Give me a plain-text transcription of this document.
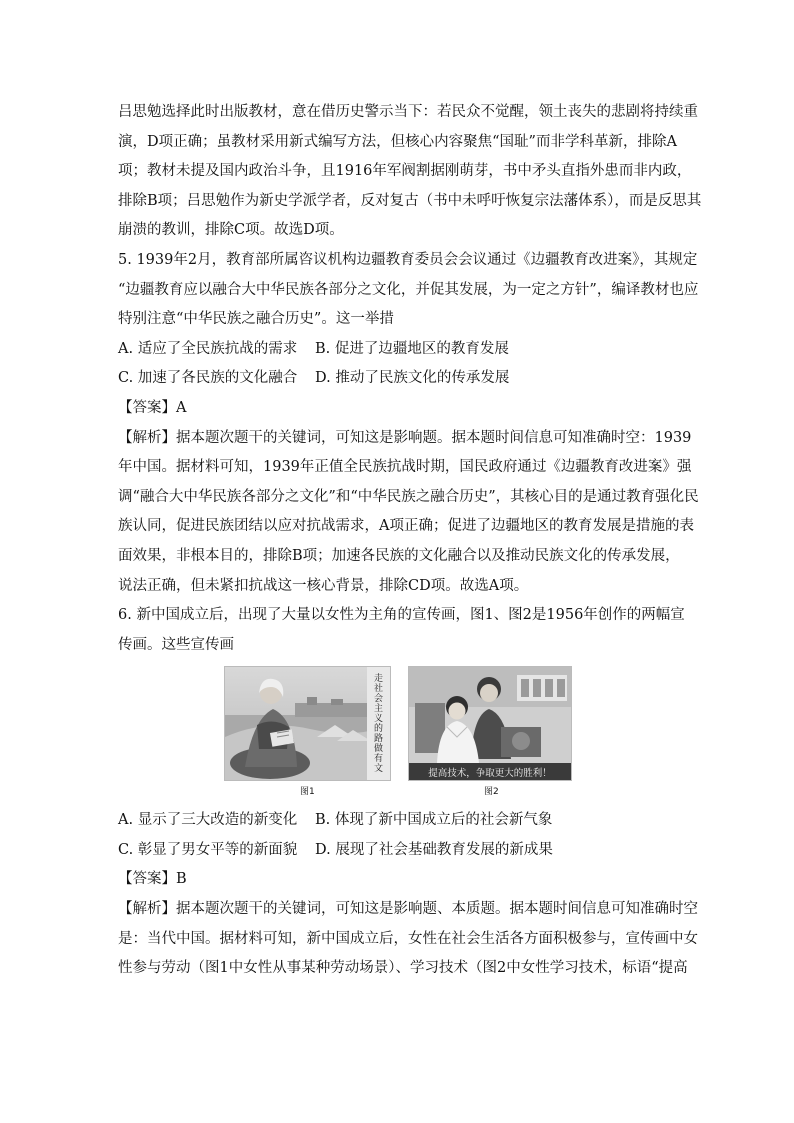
吕思勉选择此时出版教材，意在借历史警示当下：若民众不觉醒，领土丧失的悲剧将持续重
演，D项正确；虽教材采用新式编写方法，但核心内容聚焦“国耻”而非学科革新，排除A
项；教材未提及国内政治斗争，且1916年军阀割据刚萌芽，书中矛头直指外患而非内政，
排除B项；吕思勉作为新史学派学者，反对复古（书中未呼吁恢复宗法藩体系），而是反思其
崩溃的教训，排除C项。故选D项。
5. 1939年2月，教育部所属咨议机构边疆教育委员会会议通过《边疆教育改进案》，其规定
“边疆教育应以融合大中华民族各部分之文化，并促其发展，为一定之方针”，编译教材也应
特别注意“中华民族之融合历史”。这一举措
A. 适应了全民族抗战的需求	B. 促进了边疆地区的教育发展
C. 加速了各民族的文化融合	D. 推动了民族文化的传承发展
【答案】A
【解析】据本题次题干的关键词，可知这是影响题。据本题时间信息可知准确时空：1939
年中国。据材料可知，1939年正值全民族抗战时期，国民政府通过《边疆教育改进案》强
调“融合大中华民族各部分之文化”和“中华民族之融合历史”，其核心目的是通过教育强化民
族认同，促进民族团结以应对抗战需求，A项正确；促进了边疆地区的教育发展是措施的表
面效果，非根本目的，排除B项；加速各民族的文化融合以及推动民族文化的传承发展，
说法正确，但未紧扣抗战这一核心背景，排除CD项。故选A项。
6. 新中国成立后，出现了大量以女性为主角的宣传画，图1、图2是1956年创作的两幅宣
传画。这些宣传画
走
社
会
主
义
的
路
做
有
文	提高技术，争取更大的胜利！
图1	图2
A. 显示了三大改造的新变化	B. 体现了新中国成立后的社会新气象
C. 彰显了男女平等的新面貌	D. 展现了社会基础教育发展的新成果
【答案】B
【解析】据本题次题干的关键词，可知这是影响题、本质题。据本题时间信息可知准确时空
是：当代中国。据材料可知，新中国成立后，女性在社会生活各方面积极参与，宣传画中女
性参与劳动（图1中女性从事某种劳动场景）、学习技术（图2中女性学习技术，标语“提高
